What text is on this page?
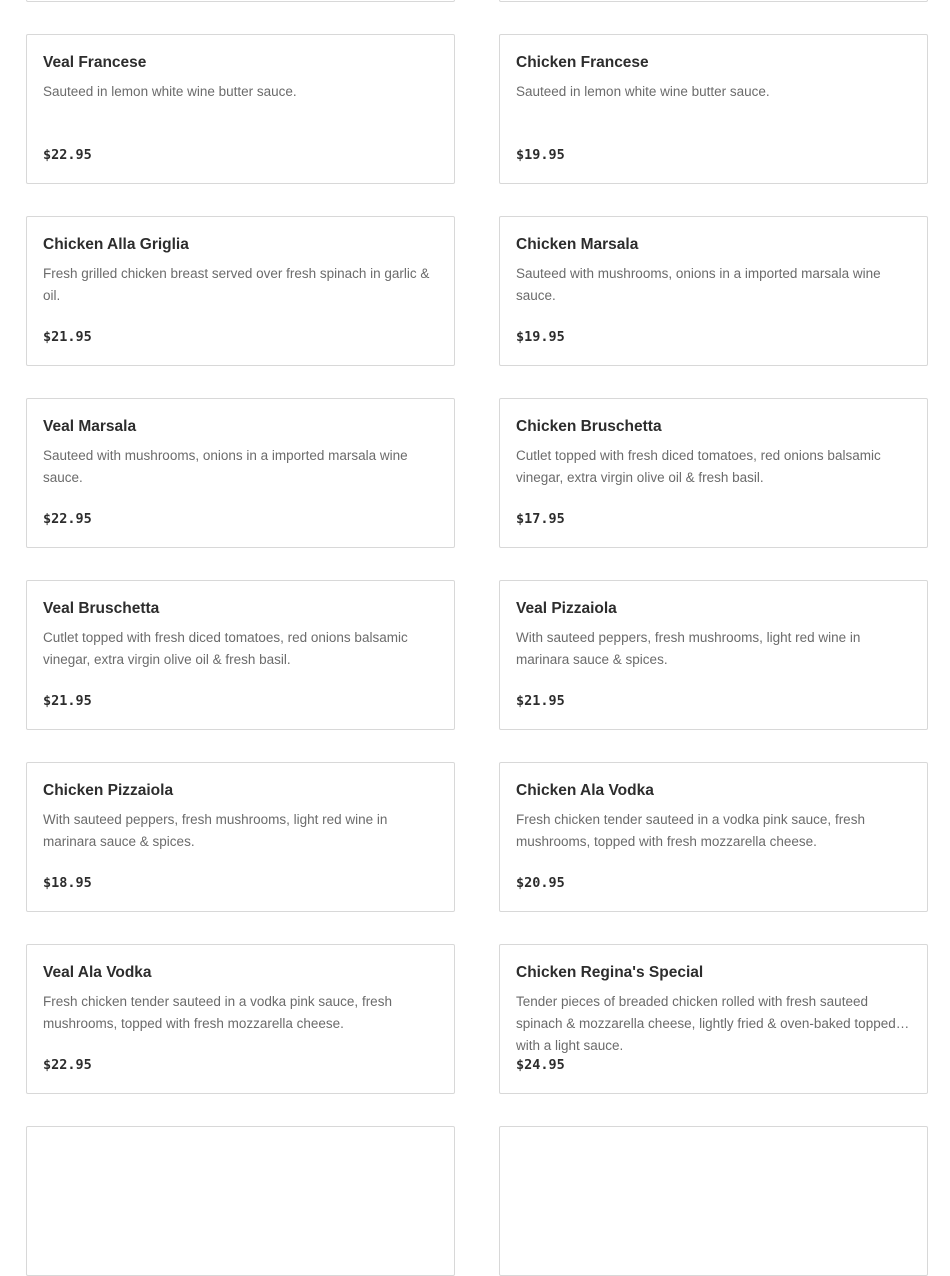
Veal Francese
Sauteed in lemon white wine butter sauce.
$22.95
Chicken Francese
Sauteed in lemon white wine butter sauce.
$19.95
Chicken Alla Griglia
Fresh grilled chicken breast served over fresh spinach in garlic & oil.
$21.95
Chicken Marsala
Sauteed with mushrooms, onions in a imported marsala wine sauce.
$19.95
Veal Marsala
Sauteed with mushrooms, onions in a imported marsala wine sauce.
$22.95
Chicken Bruschetta
Cutlet topped with fresh diced tomatoes, red onions balsamic vinegar, extra virgin olive oil & fresh basil.
$17.95
Veal Bruschetta
Cutlet topped with fresh diced tomatoes, red onions balsamic vinegar, extra virgin olive oil & fresh basil.
$21.95
Veal Pizzaiola
With sauteed peppers, fresh mushrooms, light red wine in marinara sauce & spices.
$21.95
Chicken Pizzaiola
With sauteed peppers, fresh mushrooms, light red wine in marinara sauce & spices.
$18.95
Chicken Ala Vodka
Fresh chicken tender sauteed in a vodka pink sauce, fresh mushrooms, topped with fresh mozzarella cheese.
$20.95
Veal Ala Vodka
Fresh chicken tender sauteed in a vodka pink sauce, fresh mushrooms, topped with fresh mozzarella cheese.
$22.95
Chicken Regina's Special
Tender pieces of breaded chicken rolled with fresh sauteed spinach & mozzarella cheese, lightly fried & oven-baked topped with a light sauce.
$24.95
